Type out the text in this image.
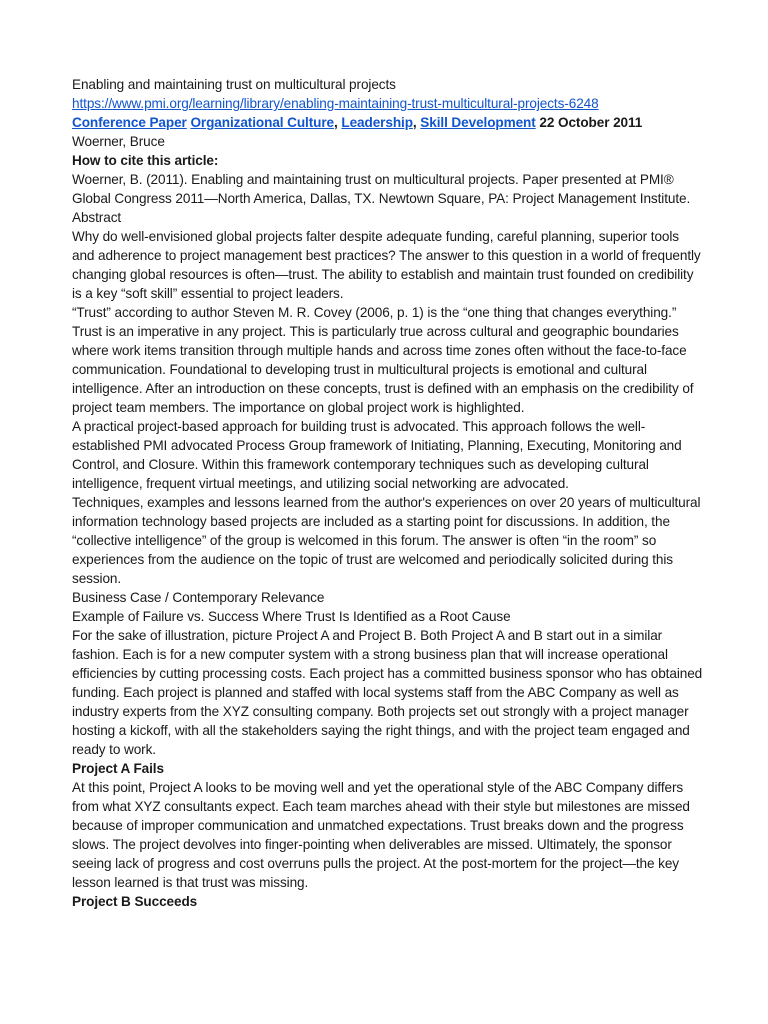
Enabling and maintaining trust on multicultural projects

https://www.pmi.org/learning/library/enabling-maintaining-trust-multicultural-projects-6248

Conference Paper Organizational Culture, Leadership, Skill Development 22 October 2011

Woerner, Bruce

How to cite this article:

Woerner, B. (2011). Enabling and maintaining trust on multicultural projects. Paper presented at PMI® Global Congress 2011—North America, Dallas, TX. Newtown Square, PA: Project Management Institute.

Abstract

Why do well-envisioned global projects falter despite adequate funding, careful planning, superior tools and adherence to project management best practices? The answer to this question in a world of frequently changing global resources is often—trust. The ability to establish and maintain trust founded on credibility is a key “soft skill” essential to project leaders.

“Trust” according to author Steven M. R. Covey (2006, p. 1) is the “one thing that changes everything.” Trust is an imperative in any project. This is particularly true across cultural and geographic boundaries where work items transition through multiple hands and across time zones often without the face-to-face communication. Foundational to developing trust in multicultural projects is emotional and cultural intelligence. After an introduction on these concepts, trust is defined with an emphasis on the credibility of project team members. The importance on global project work is highlighted.

A practical project-based approach for building trust is advocated. This approach follows the well-established PMI advocated Process Group framework of Initiating, Planning, Executing, Monitoring and Control, and Closure. Within this framework contemporary techniques such as developing cultural intelligence, frequent virtual meetings, and utilizing social networking are advocated.

Techniques, examples and lessons learned from the author's experiences on over 20 years of multicultural information technology based projects are included as a starting point for discussions. In addition, the “collective intelligence” of the group is welcomed in this forum. The answer is often “in the room” so experiences from the audience on the topic of trust are welcomed and periodically solicited during this session.

Business Case / Contemporary Relevance

Example of Failure vs. Success Where Trust Is Identified as a Root Cause

For the sake of illustration, picture Project A and Project B. Both Project A and B start out in a similar fashion. Each is for a new computer system with a strong business plan that will increase operational efficiencies by cutting processing costs. Each project has a committed business sponsor who has obtained funding. Each project is planned and staffed with local systems staff from the ABC Company as well as industry experts from the XYZ consulting company. Both projects set out strongly with a project manager hosting a kickoff, with all the stakeholders saying the right things, and with the project team engaged and ready to work.

Project A Fails

At this point, Project A looks to be moving well and yet the operational style of the ABC Company differs from what XYZ consultants expect. Each team marches ahead with their style but milestones are missed because of improper communication and unmatched expectations. Trust breaks down and the progress slows. The project devolves into finger-pointing when deliverables are missed. Ultimately, the sponsor seeing lack of progress and cost overruns pulls the project. At the post-mortem for the project—the key lesson learned is that trust was missing.

Project B Succeeds
